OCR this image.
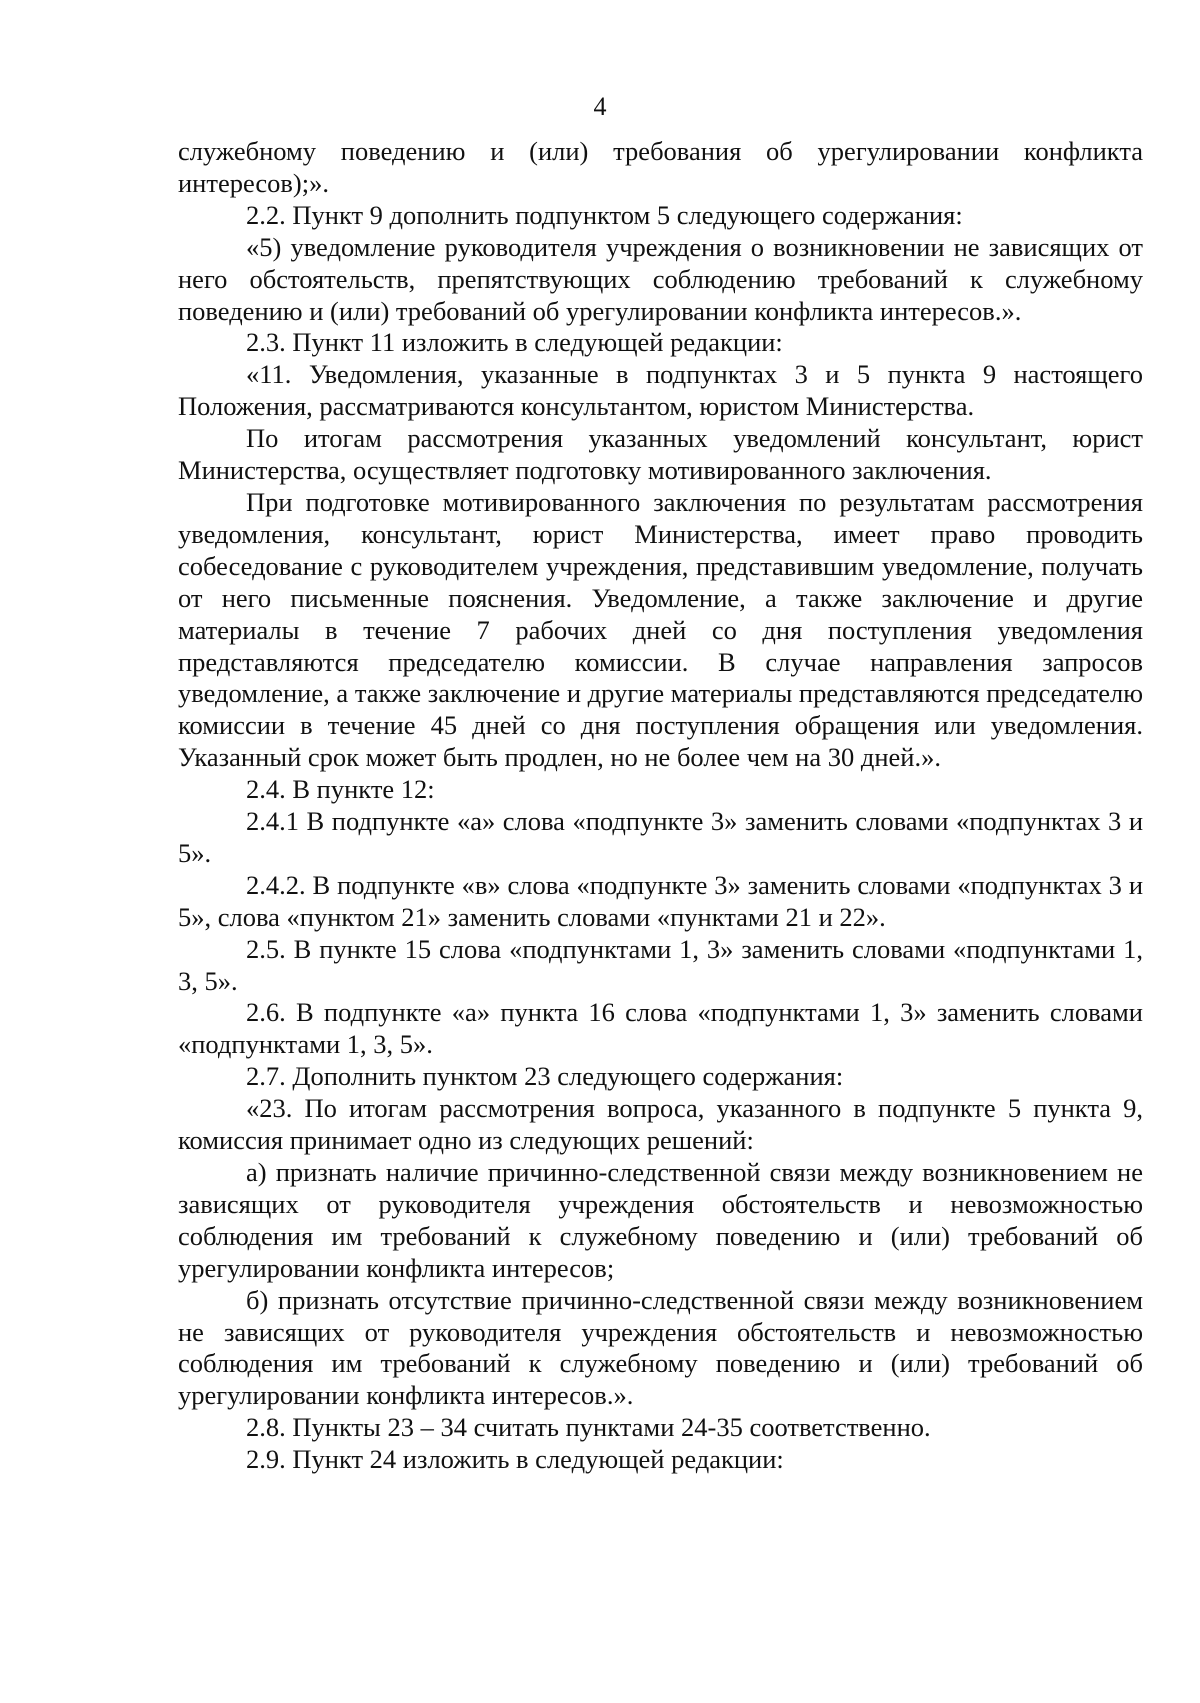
4

служебному поведению и (или) требования об урегулировании конфликта интересов);».

2.2. Пункт 9 дополнить подпунктом 5 следующего содержания:

«5) уведомление руководителя учреждения о возникновении не зависящих от него обстоятельств, препятствующих соблюдению требований к служебному поведению и (или) требований об урегулировании конфликта интересов.».

2.3. Пункт 11 изложить в следующей редакции:

«11. Уведомления, указанные в подпунктах 3 и 5 пункта 9 настоящего Положения, рассматриваются консультантом, юристом Министерства.

По итогам рассмотрения указанных уведомлений консультант, юрист Министерства, осуществляет подготовку мотивированного заключения.

При подготовке мотивированного заключения по результатам рассмотрения уведомления, консультант, юрист Министерства, имеет право проводить собеседование с руководителем учреждения, представившим уведомление, получать от него письменные пояснения. Уведомление, а также заключение и другие материалы в течение 7 рабочих дней со дня поступления уведомления представляются председателю комиссии. В случае направления запросов уведомление, а также заключение и другие материалы представляются председателю комиссии в течение 45 дней со дня поступления обращения или уведомления. Указанный срок может быть продлен, но не более чем на 30 дней.».

2.4. В пункте 12:

2.4.1 В подпункте «а» слова «подпункте 3» заменить словами «подпунктах 3 и 5».

2.4.2. В подпункте «в» слова «подпункте 3» заменить словами «подпунктах 3 и 5», слова «пунктом 21» заменить словами «пунктами 21 и 22».

2.5. В пункте 15 слова «подпунктами 1, 3» заменить словами «подпунктами 1, 3, 5».

2.6. В подпункте «а» пункта 16 слова «подпунктами 1, 3» заменить словами «подпунктами 1, 3, 5».

2.7. Дополнить пунктом 23 следующего содержания:

«23. По итогам рассмотрения вопроса, указанного в подпункте 5 пункта 9, комиссия принимает одно из следующих решений:

а) признать наличие причинно-следственной связи между возникновением не зависящих от руководителя учреждения обстоятельств и невозможностью соблюдения им требований к служебному поведению и (или) требований об урегулировании конфликта интересов;

б) признать отсутствие причинно-следственной связи между возникновением не зависящих от руководителя учреждения обстоятельств и невозможностью соблюдения им требований к служебному поведению и (или) требований об урегулировании конфликта интересов.».

2.8. Пункты 23 – 34 считать пунктами 24-35 соответственно.

2.9. Пункт 24 изложить в следующей редакции:
